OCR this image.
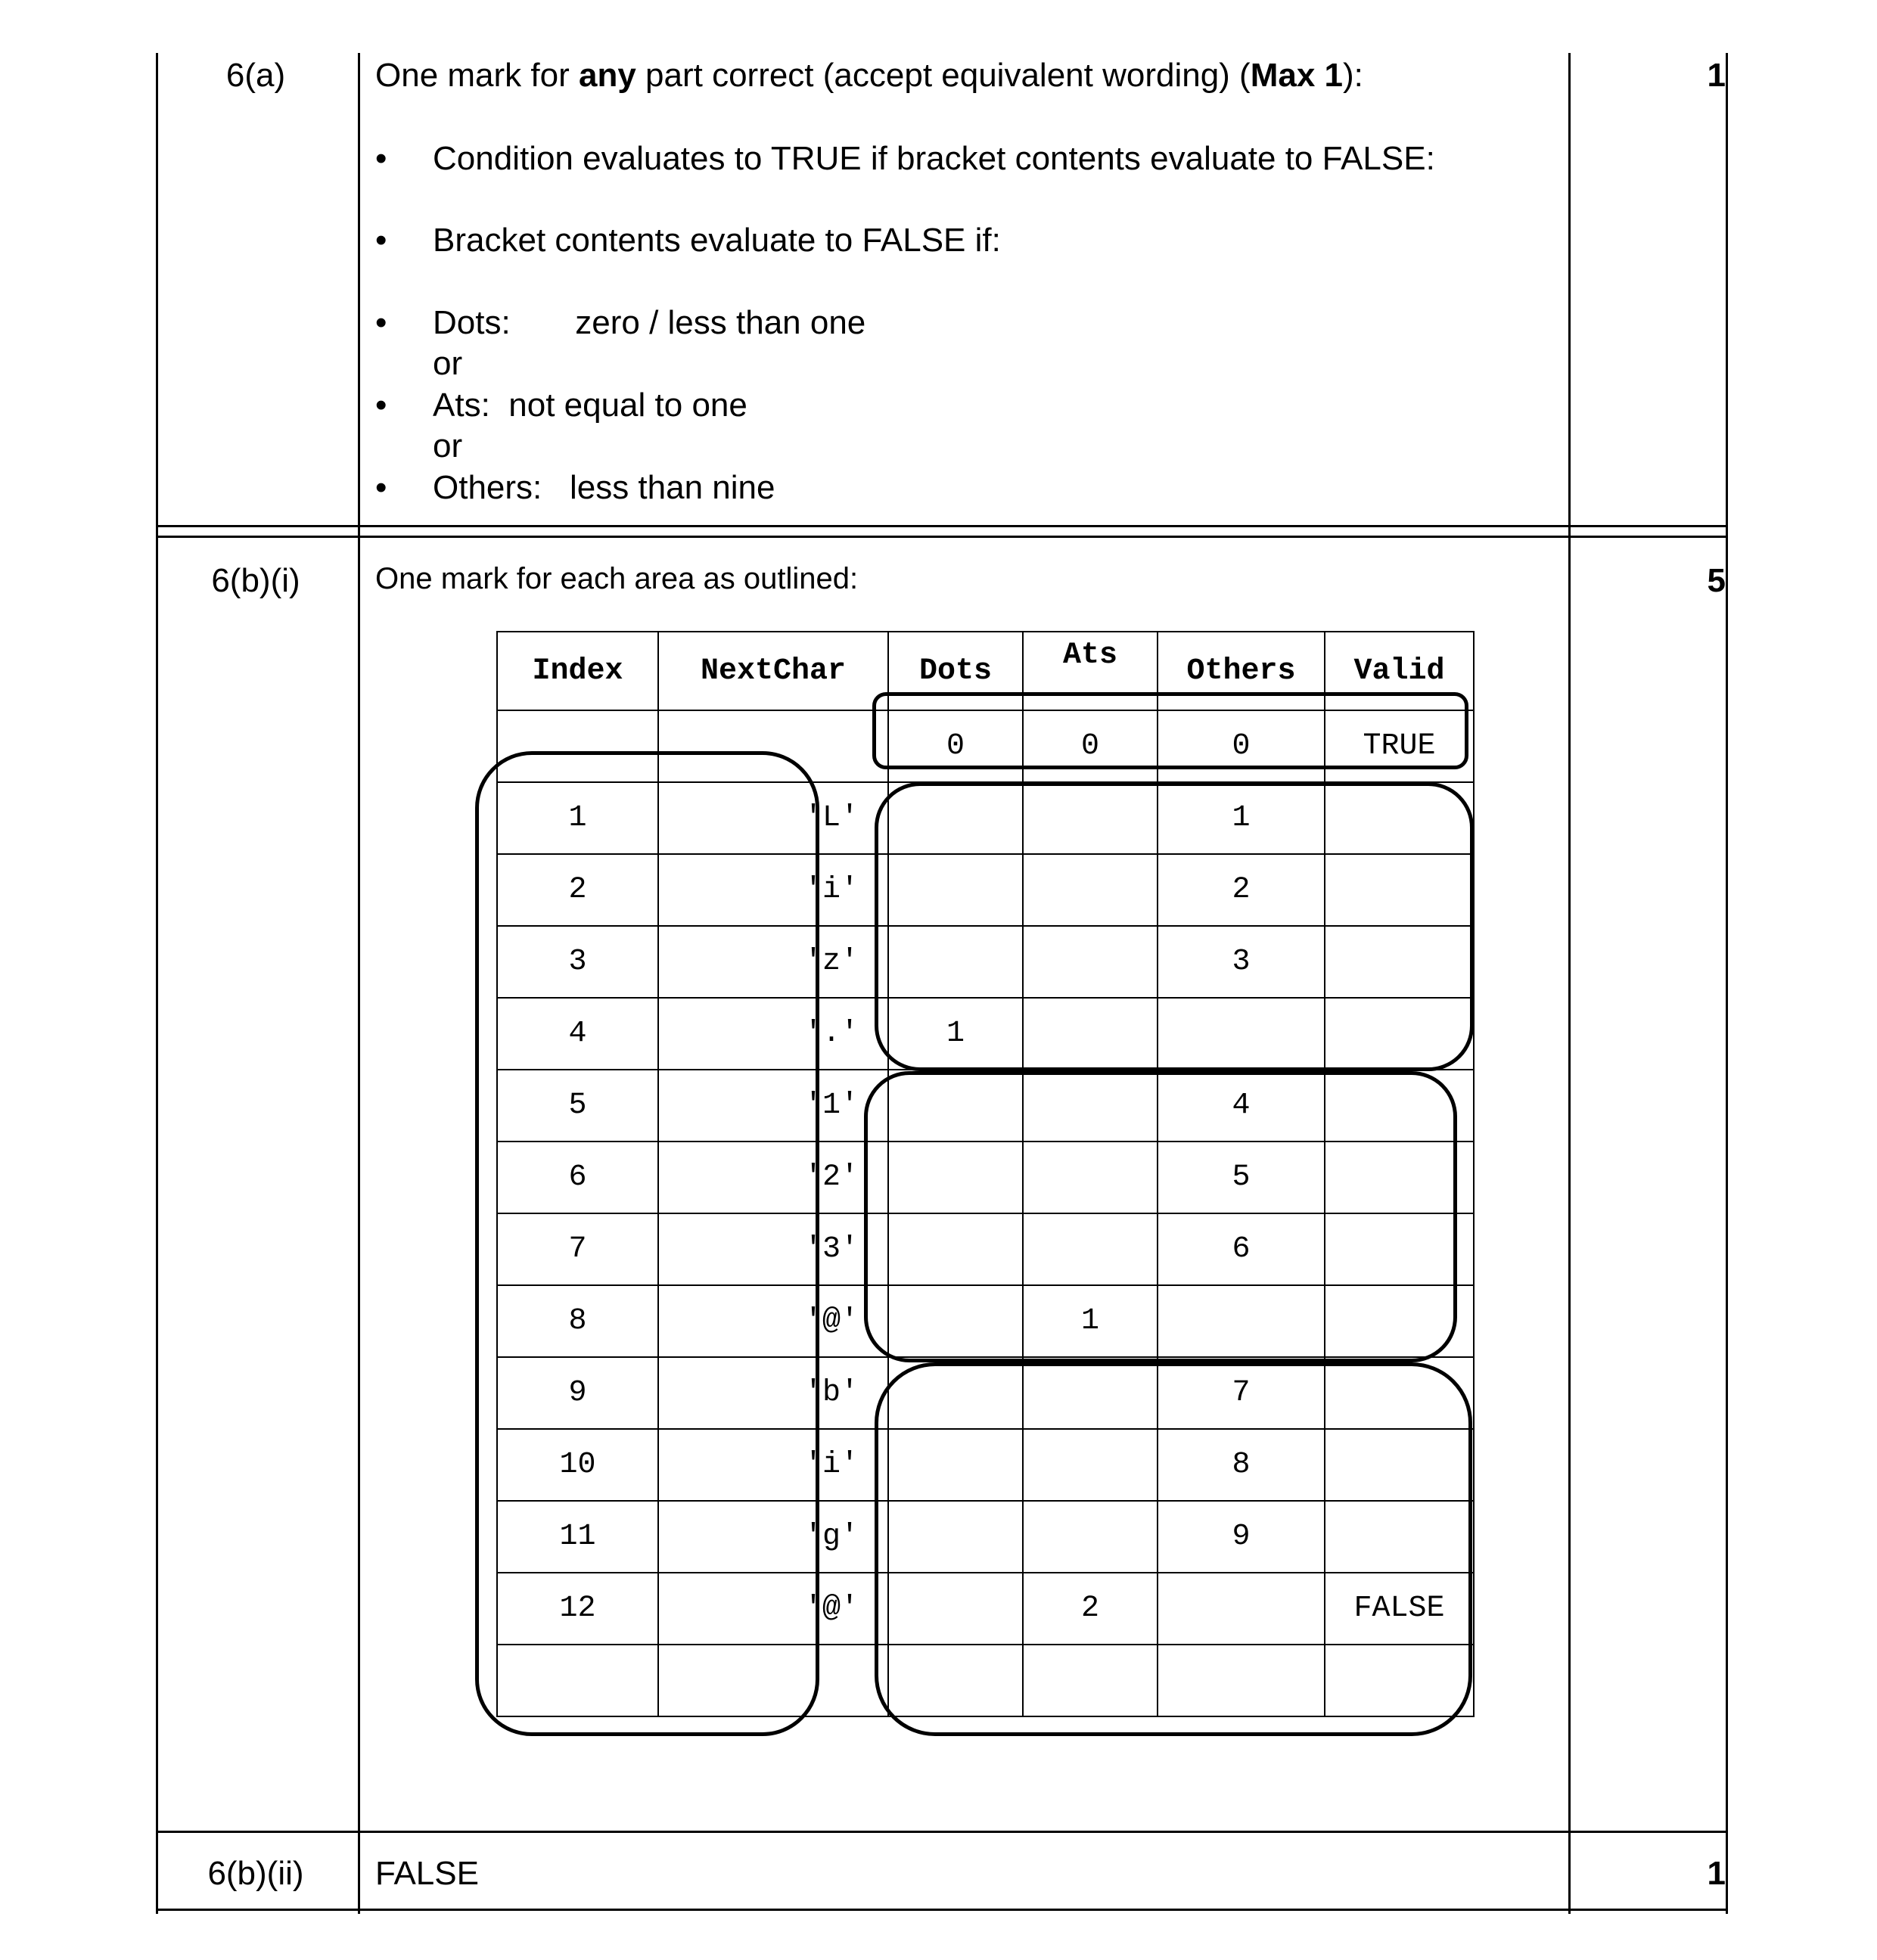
6(a)	1
One mark for any part correct (accept equivalent wording) (Max 1):
• Condition evaluates to TRUE if bracket contents evaluate to FALSE:
• Bracket contents evaluate to FALSE if:
• Dots:       zero / less than one
or
• Ats:  not equal to one
or
• Others:   less than nine
6(b)(i)	5
One mark for each area as outlined:
Index	NextChar	Dots	Ats	Others	Valid
		0	0	0	TRUE
1	'L'			1	
2	'i'			2	
3	'z'			3	
4	'.'	1			
5	'1'			4	
6	'2'			5	
7	'3'			6	
8	'@'		1		
9	'b'			7	
10	'i'			8	
11	'g'			9	
12	'@'		2		FALSE

6(b)(ii)	FALSE	1
